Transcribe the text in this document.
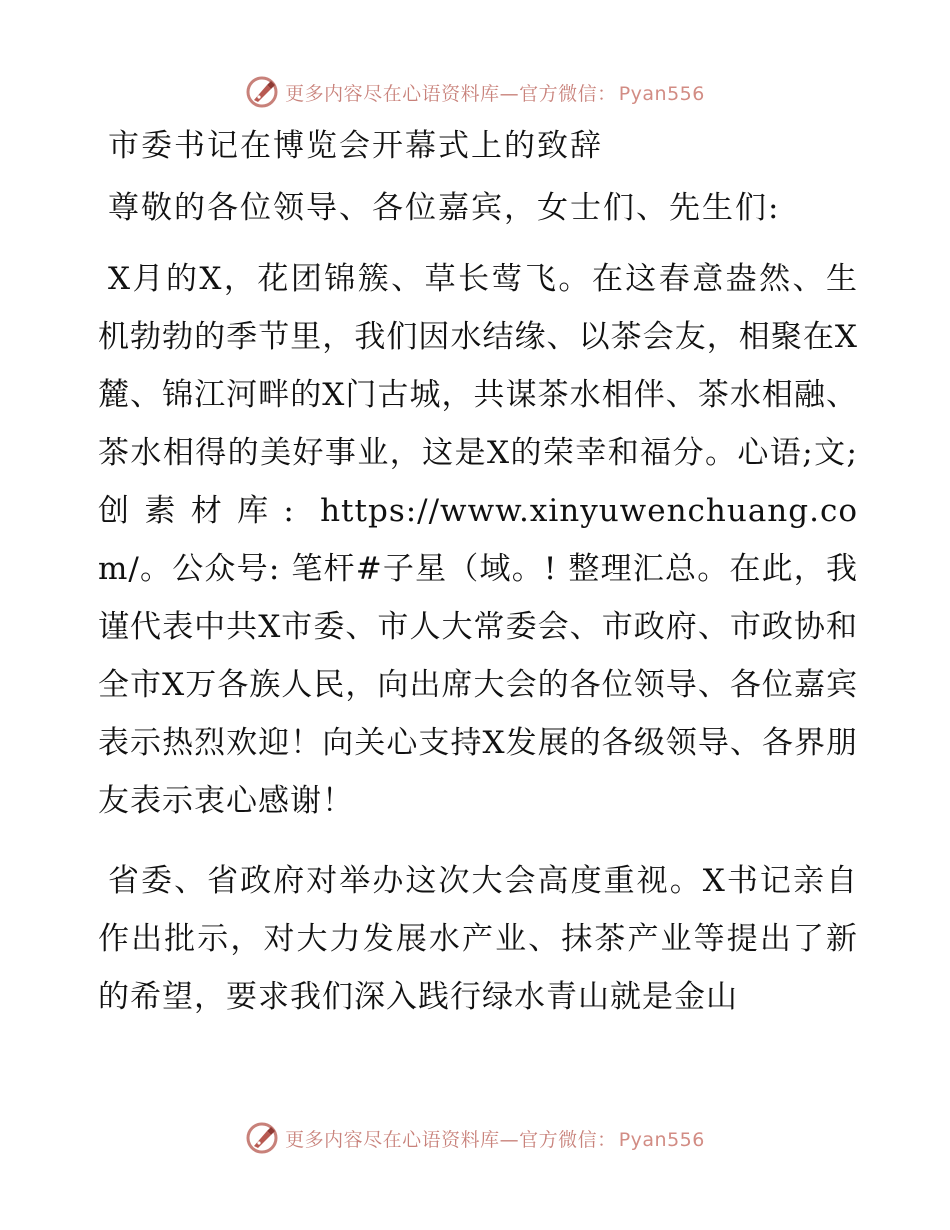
更多内容尽在心语资料库—官方微信： Pyan556
市委书记在博览会开幕式上的致辞
尊敬的各位领导、各位嘉宾，女士们、先生们:

X月的X，花团锦簇、草长莺飞。在这春意盎然、生机勃勃的季节里，我们因水结缘、以茶会友，相聚在X麓、锦江河畔的X门古城，共谋茶水相伴、茶水相融、茶水相得的美好事业，这是X的荣幸和福分。心语;文;创素材库: https://www.xinyuwenchuang.com/。公众号: 笔杆#子星（域。! 整理汇总。在此，我谨代表中共X市委、市人大常委会、市政府、市政协和全市X万各族人民，向出席大会的各位领导、各位嘉宾表示热烈欢迎！向关心支持X发展的各级领导、各界朋友表示衷心感谢！

省委、省政府对举办这次大会高度重视。X书记亲自作出批示，对大力发展水产业、抹茶产业等提出了新的希望，要求我们深入践行绿水青山就是金山

更多内容尽在心语资料库—官方微信： Pyan556
